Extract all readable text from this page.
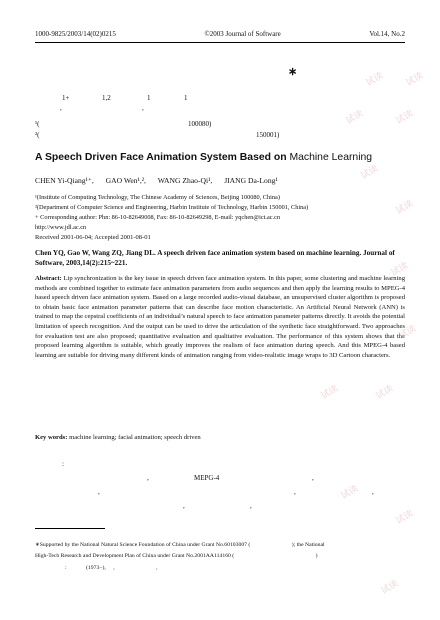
1000-9825/2003/14(02)0215	©2003 Journal of Software	Vol.14, No.2
∗
1+	1,2	1	1
,	,
¹(	100080)
²(	150001)
A Speech Driven Face Animation System Based on Machine Learning
CHEN Yi-Qiang¹⁺, GAO Wen¹,², WANG Zhao-Qi¹, JIANG Da-Long¹
¹(Institute of Computing Technology, The Chinese Academy of Sciences, Beijing 100080, China)
²(Department of Computer Science and Engineering, Harbin Institute of Technology, Harbin 150001, China)
+ Corresponding author: Phn: 86-10-82649008, Fax: 86-10-82649298, E-mail: yqchen@ict.ac.cn
http://www.jdl.ac.cn
Received 2001-06-04; Accepted 2001-08-01
Chen YQ, Gao W, Wang ZQ, Jiang DL. A speech driven face animation system based on machine learning. Journal of Software, 2003,14(2):215~221.
Abstract: Lip synchronization is the key issue in speech driven face animation system. In this paper, some clustering and machine learning methods are combined together to estimate face animation parameters from audio sequences and then apply the learning results to MPEG-4 based speech driven face animation system. Based on a large recorded audio-visual database, an unsupervised cluster algorithm is proposed to obtain basic face animation parameter patterns that can describe face motion characteristic. An Artificial Neural Network (ANN) is trained to map the cepstral coefficients of an individual’s natural speech to face animation parameter patterns directly. It avoids the potential limitation of speech recognition. And the output can be used to drive the articulation of the synthetic face straightforward. Two approaches for evaluation test are also proposed; quantitative evaluation and qualitative evaluation. The performance of this system shows that the proposed learning algorithm is suitable, which greatly improves the realism of face animation during speech. And this MPEG-4 based learning are suitable for driving many different kinds of animation ranging from video-realistic image wraps to 3D Cartoon characters.
Key words: machine learning; facial animation; speech driven
:
,	MEPG-4	,
,	,	,
,	,
∗Supported by the National Natural Science Foundation of China under Grant No.60103007 (	); the National
High-Tech Research and Development Plan of China under Grant No.2001AA114160 (	)
:	(1973−), ,	,
试读 试读
试读	试读
试读
试读
试读
试读
试读	试读
试读
试读
试读
